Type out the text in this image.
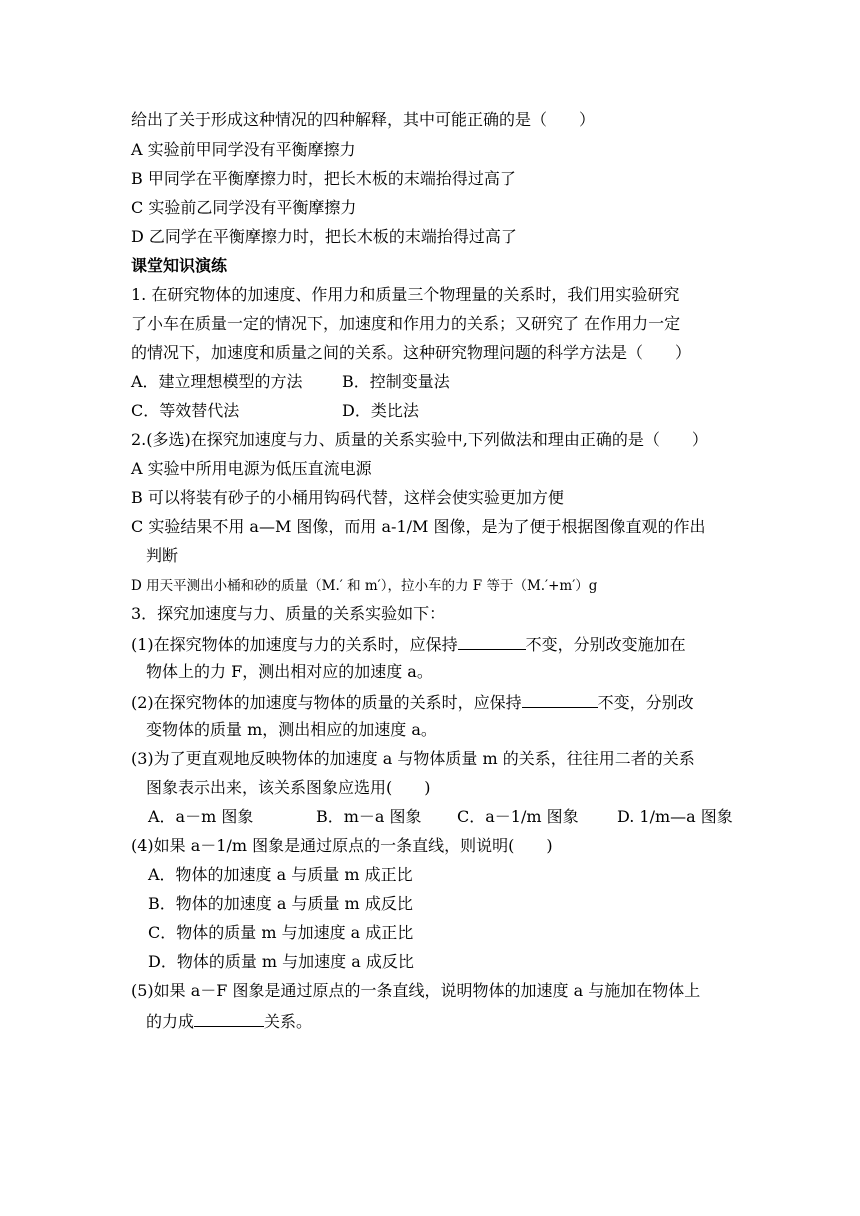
给出了关于形成这种情况的四种解释，其中可能正确的是（　　）
A 实验前甲同学没有平衡摩擦力
B 甲同学在平衡摩擦力时，把长木板的末端抬得过高了
C 实验前乙同学没有平衡摩擦力
D 乙同学在平衡摩擦力时，把长木板的末端抬得过高了
课堂知识演练
1. 在研究物体的加速度、作用力和质量三个物理量的关系时，我们用实验研究
了小车在质量一定的情况下，加速度和作用力的关系；又研究了 在作用力一定
的情况下，加速度和质量之间的关系。这种研究物理问题的科学方法是（　　）
A．建立理想模型的方法 B．控制变量法
C．等效替代法	D．类比法
2.(多选)在探究加速度与力、质量的关系实验中,下列做法和理由正确的是（　　）
A 实验中所用电源为低压直流电源
B 可以将装有砂子的小桶用钩码代替，这样会使实验更加方便
C 实验结果不用 a—M 图像，而用 a-1/M 图像，是为了便于根据图像直观的作出
判断
D 用天平测出小桶和砂的质量（M.′ 和 m′），拉小车的力 F 等于（M.′+m′）g
3．探究加速度与力、质量的关系实验如下：
(1)在探究物体的加速度与力的关系时，应保持	不变，分别改变施加在
物体上的力 F，测出相对应的加速度 a。
(2)在探究物体的加速度与物体的质量的关系时，应保持	不变，分别改
变物体的质量 m，测出相应的加速度 a。
(3)为了更直观地反映物体的加速度 a 与物体质量 m 的关系，往往用二者的关系
图象表示出来，该关系图象应选用(　　)
A．a－m 图象	B．m－a 图象 C．a－1/m 图象 D. 1/m—a 图象
(4)如果 a－1/m 图象是通过原点的一条直线，则说明(　　)
A．物体的加速度 a 与质量 m 成正比
B．物体的加速度 a 与质量 m 成反比
C．物体的质量 m 与加速度 a 成正比
D．物体的质量 m 与加速度 a 成反比
(5)如果 a－F 图象是通过原点的一条直线，说明物体的加速度 a 与施加在物体上
的力成	关系。
